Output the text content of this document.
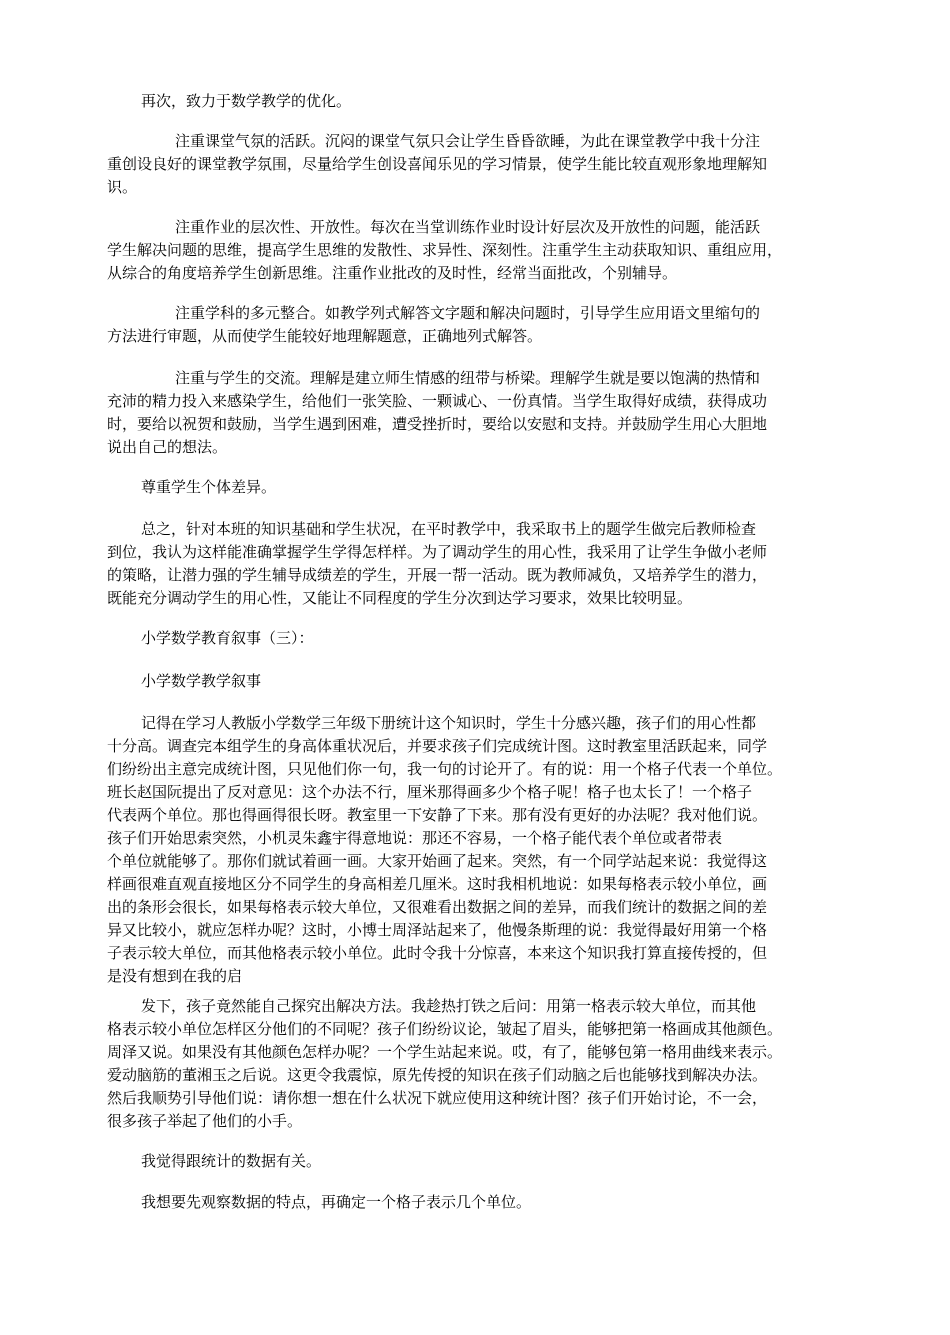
再次，致力于数学教学的优化。
注重课堂气氛的活跃。沉闷的课堂气氛只会让学生昏昏欲睡，为此在课堂教学中我十分注
重创设良好的课堂教学氛围，尽量给学生创设喜闻乐见的学习情景，使学生能比较直观形象地理解知
识。
注重作业的层次性、开放性。每次在当堂训练作业时设计好层次及开放性的问题，能活跃
学生解决问题的思维，提高学生思维的发散性、求异性、深刻性。注重学生主动获取知识、重组应用，
从综合的角度培养学生创新思维。注重作业批改的及时性，经常当面批改，个别辅导。
注重学科的多元整合。如教学列式解答文字题和解决问题时，引导学生应用语文里缩句的
方法进行审题，从而使学生能较好地理解题意，正确地列式解答。
注重与学生的交流。理解是建立师生情感的纽带与桥梁。理解学生就是要以饱满的热情和
充沛的精力投入来感染学生，给他们一张笑脸、一颗诚心、一份真情。当学生取得好成绩，获得成功
时，要给以祝贺和鼓励，当学生遇到困难，遭受挫折时，要给以安慰和支持。并鼓励学生用心大胆地
说出自己的想法。
尊重学生个体差异。
总之，针对本班的知识基础和学生状况，在平时教学中，我采取书上的题学生做完后教师检查
到位，我认为这样能准确掌握学生学得怎样样。为了调动学生的用心性，我采用了让学生争做小老师
的策略，让潜力强的学生辅导成绩差的学生，开展一帮一活动。既为教师减负，又培养学生的潜力，
既能充分调动学生的用心性，又能让不同程度的学生分次到达学习要求，效果比较明显。
小学数学教育叙事（三）：
小学数学教学叙事
记得在学习人教版小学数学三年级下册统计这个知识时，学生十分感兴趣，孩子们的用心性都
十分高。调查完本组学生的身高体重状况后，并要求孩子们完成统计图。这时教室里活跃起来，同学
们纷纷出主意完成统计图，只见他们你一句，我一句的讨论开了。有的说：用一个格子代表一个单位。
班长赵国阮提出了反对意见：这个办法不行，厘米那得画多少个格子呢！格子也太长了！一个格子
代表两个单位。那也得画得很长呀。教室里一下安静了下来。那有没有更好的办法呢？我对他们说。
孩子们开始思索突然，小机灵朱鑫宇得意地说：那还不容易，一个格子能代表个单位或者带表
个单位就能够了。那你们就试着画一画。大家开始画了起来。突然，有一个同学站起来说：我觉得这
样画很难直观直接地区分不同学生的身高相差几厘米。这时我相机地说：如果每格表示较小单位，画
出的条形会很长，如果每格表示较大单位，又很难看出数据之间的差异，而我们统计的数据之间的差
异又比较小，就应怎样办呢？这时，小博士周泽站起来了，他慢条斯理的说：我觉得最好用第一个格
子表示较大单位，而其他格表示较小单位。此时令我十分惊喜，本来这个知识我打算直接传授的，但
是没有想到在我的启
发下，孩子竟然能自己探究出解决方法。我趁热打铁之后问：用第一格表示较大单位，而其他
格表示较小单位怎样区分他们的不同呢？孩子们纷纷议论，皱起了眉头，能够把第一格画成其他颜色。
周泽又说。如果没有其他颜色怎样办呢？一个学生站起来说。哎，有了，能够包第一格用曲线来表示。
爱动脑筋的董湘玉之后说。这更令我震惊，原先传授的知识在孩子们动脑之后也能够找到解决办法。
然后我顺势引导他们说：请你想一想在什么状况下就应使用这种统计图？孩子们开始讨论，不一会，
很多孩子举起了他们的小手。
我觉得跟统计的数据有关。
我想要先观察数据的特点，再确定一个格子表示几个单位。
